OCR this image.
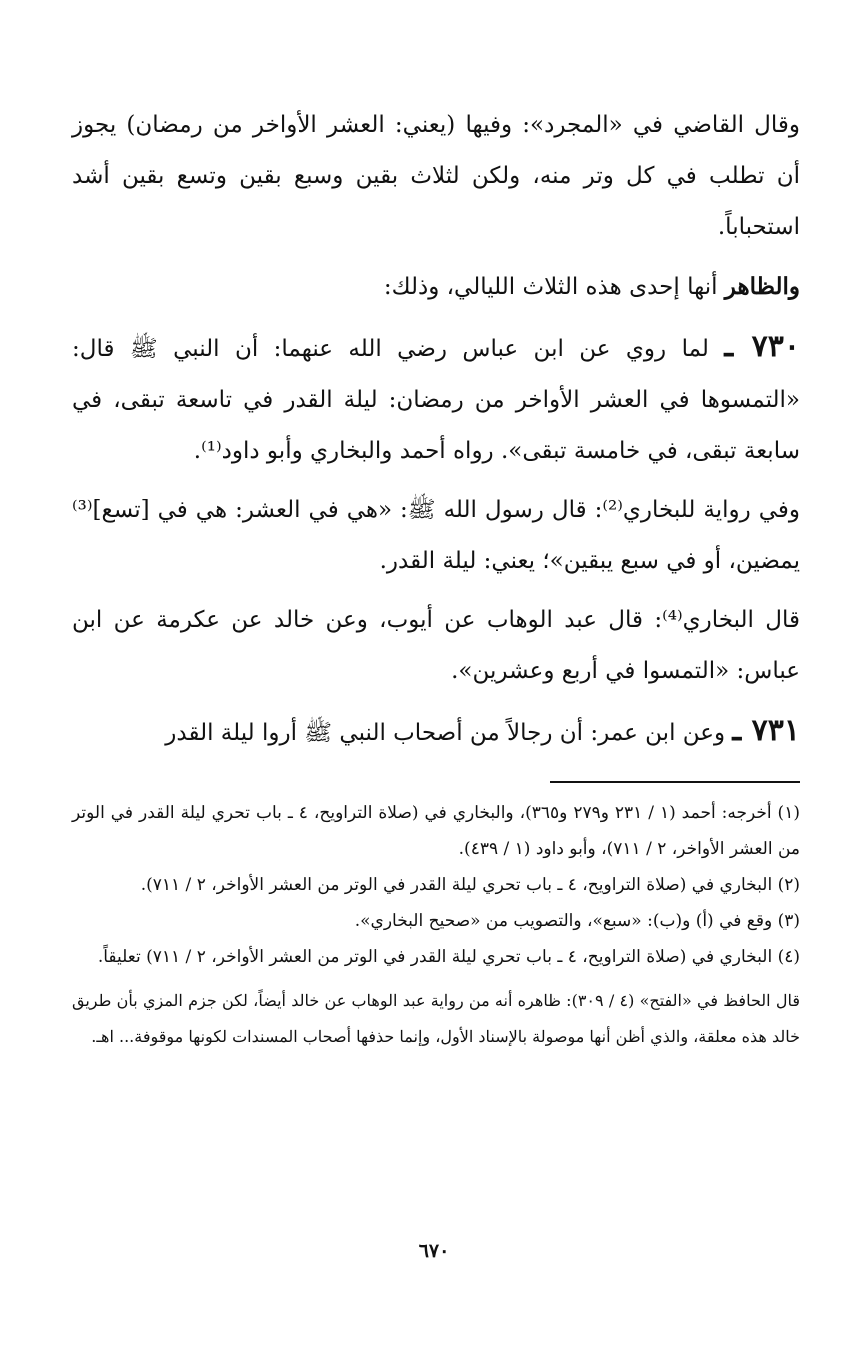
وقال القاضي في «المجرد»: وفيها (يعني: العشر الأواخر من رمضان) يجوز أن تطلب في كل وتر منه، ولكن لثلاث بقين وسبع بقين وتسع بقين أشد استحباباً.

والظاهر أنها إحدى هذه الثلاث الليالي، وذلك:

٧٣٠ ـ لما روي عن ابن عباس رضي الله عنهما: أن النبي ﷺ قال: «التمسوها في العشر الأواخر من رمضان: ليلة القدر في تاسعة تبقى، في سابعة تبقى، في خامسة تبقى». رواه أحمد والبخاري وأبو داود⁽¹⁾.

وفي رواية للبخاري⁽²⁾: قال رسول الله ﷺ: «هي في العشر: هي في [تسع]⁽³⁾ يمضين، أو في سبع يبقين»؛ يعني: ليلة القدر.

قال البخاري⁽⁴⁾: قال عبد الوهاب عن أيوب، وعن خالد عن عكرمة عن ابن عباس: «التمسوا في أربع وعشرين».

٧٣١ ـ وعن ابن عمر: أن رجالاً من أصحاب النبي ﷺ أروا ليلة القدر

(١) أخرجه: أحمد (١ / ٢٣١ و٢٧٩ و٣٦٥)، والبخاري في (صلاة التراويح، ٤ ـ باب تحري ليلة القدر في الوتر من العشر الأواخر، ٢ / ٧١١)، وأبو داود (١ / ٤٣٩).

(٢) البخاري في (صلاة التراويح، ٤ ـ باب تحري ليلة القدر في الوتر من العشر الأواخر، ٢ / ٧١١).

(٣) وقع في (أ) و(ب): «سبع»، والتصويب من «صحيح البخاري».

(٤) البخاري في (صلاة التراويح، ٤ ـ باب تحري ليلة القدر في الوتر من العشر الأواخر، ٢ / ٧١١) تعليقاً.

قال الحافظ في «الفتح» (٤ / ٣٠٩): ظاهره أنه من رواية عبد الوهاب عن خالد أيضاً، لكن جزم المزي بأن طريق خالد هذه معلقة، والذي أظن أنها موصولة بالإسناد الأول، وإنما حذفها أصحاب المسندات لكونها موقوفة... اهـ.

٦٧٠
